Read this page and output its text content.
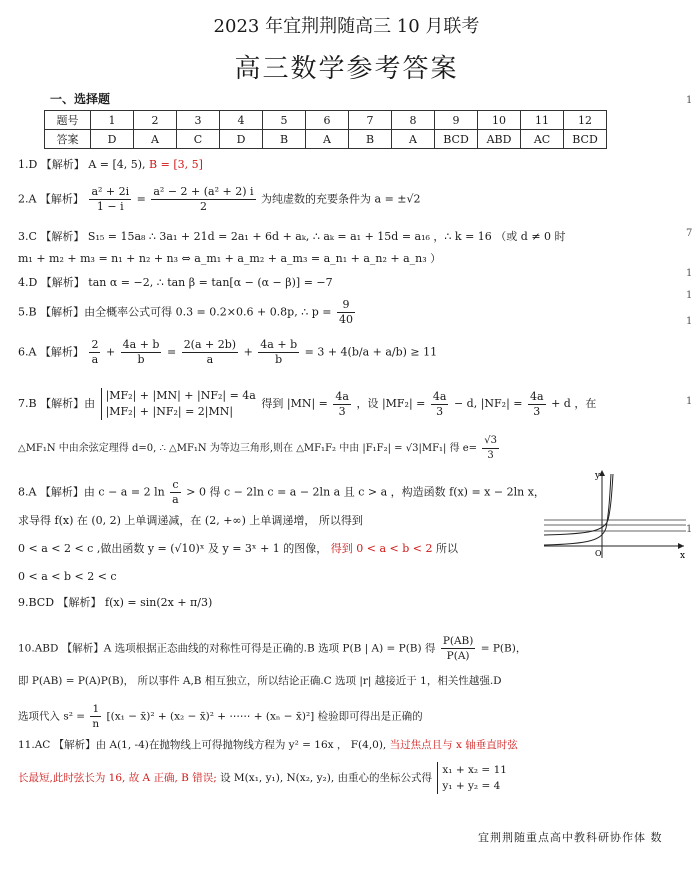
2023 年宜荆荆随高三 10 月联考
高三数学参考答案
一、选择题
题号	1	2	3	4	5	6	7	8	9	10	11	12
答案	D	A	C	D	B	A	B	A	BCD	ABD	AC	BCD
1.D 【解析】 A = [4, 5), B = [3, 5]
2.A 【解析】 $\frac{\text{a² + 2i}}{1 - i} = \frac{\text{a² − 2 + (a² + 2) i}}{2}$ 为纯虚数的充要条件为 a = ±√2
3.C 【解析】 S₁₅ = 15a₈ ∴ 3a₁ + 21d = 2a₁ + 6d + aₖ, ∴ aₖ = a₁ + 15d = a₁₆ ，∴ k = 16 （或 d ≠ 0 时
m₁ + m₂ + m₃ = n₁ + n₂ + n₃ ⇔ a_m₁ + a_m₂ + a_m₃ = a_n₁ + a_n₂ + a_n₃ ）
4.D 【解析】 tan α = −2, ∴ tan β = tan[α − (α − β)] = −7
5.B 【解析】由全概率公式可得 0.3 = 0.2×0.6 + 0.8p, ∴ $p = \frac{9}{40}$
6.A 【解析】 $\frac{2}{a} + \frac{4a + b}{b} = \frac{2(a + 2b)}{a} + \frac{4a + b}{b} = 3 + 4(b/a + a/b) \ge 11$
7.B 【解析】由
|MF₂| + |MN| + |NF₂| = 4a
|MF₂| + |NF₂| = 2|MN|
得到 $|MN| = \frac{4a}{3}$ ，设 $|MF_2| = \frac{4a}{3} - d$, $|NF_2| = \frac{4a}{3} + d$ ，在
△MF₁N 中由余弦定理得 d=0, ∴ △MF₁N 为等边三角形,则在 △MF₁F₂ 中由 |F₁F₂| = √3|MF₁| 得 $e= \frac{√3}{3}$
8.A 【解析】由 c − a = 2 $\ln \frac{c}{a} > 0$ 得 c − 2ln c = a − 2ln a 且 c > a ，构造函数 f(x) = x − 2ln x，
求导得 f(x) 在 (0, 2) 上单调递减，在 (2, +∞) 上单调递增， 所以得到
0 < a < 2 < c ,做出函数 y = (√10)ˣ 及 y = 3ˣ + 1 的图像， 得到 0 < a < b < 2 所以
0 < a < b < 2 < c
x
y
O
9.BCD 【解析】 f(x) = sin(2x + π/3)
10.ABD 【解析】A 选项根据正态曲线的对称性可得是正确的.B 选项 P(B | A) = P(B) 得 $\frac{P(AB)}{P(A)} = P(B)$，
即 P(AB) = P(A)P(B)， 所以事件 A,B 相互独立，所以结论正确.C 选项 |r| 越接近于 1，相关性越强.D
选项代入 $s^2 = \frac{1}{n} [(x_1$ − x̄)² + (x₂ − x̄)² + ⋯⋯ + (xₙ − x̄)²] 检验即可得出是正确的
11.AC 【解析】由 A(1, -4)在抛物线上可得抛物线方程为 y² = 16x ， F(4,0), 当过焦点且与 x 轴垂直时弦
长最短,此时弦长为 16, 故 A 正确, B 错误; 设 M(x₁, y₁), N(x₂, y₂), 由重心的坐标公式得
x₁ + x₂ = 11
y₁ + y₂ = 4
宜荆荆随重点高中教科研协作体 数
1
7
1
1
1
1
1
